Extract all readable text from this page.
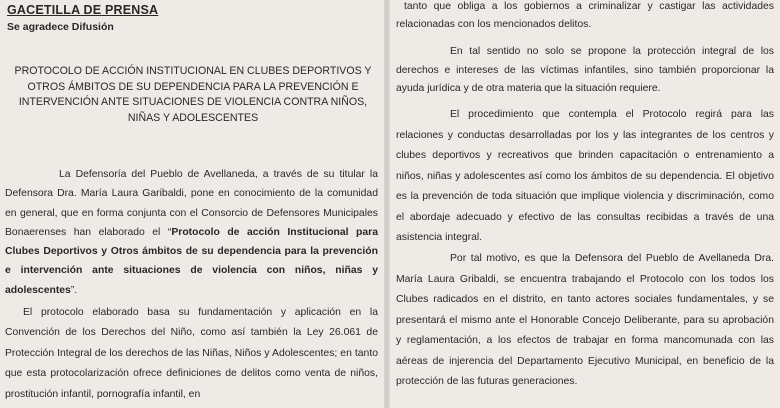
GACETILLA DE PRENSA
Se agradece Difusión
PROTOCOLO DE ACCIÓN INSTITUCIONAL EN CLUBES DEPORTIVOS Y OTROS ÁMBITOS DE SU DEPENDENCIA PARA LA PREVENCIÓN E INTERVENCIÓN ANTE SITUACIONES DE VIOLENCIA CONTRA NIÑOS, NIÑAS Y ADOLESCENTES

La Defensoría del Pueblo de Avellaneda, a través de su titular la Defensora Dra. María Laura Garibaldi, pone en conocimiento de la comunidad en general, que en forma conjunta con el Consorcio de Defensores Municipales Bonaerenses han elaborado el “Protocolo de acción Institucional para Clubes Deportivos y Otros ámbitos de su dependencia para la prevención e intervención ante situaciones de violencia con niños, niñas y adolescentes”.

El protocolo elaborado basa su fundamentación y aplicación en la Convención de los Derechos del Niño, como así también la Ley 26.061 de Protección Integral de los derechos de las Niñas, Niños y Adolescentes; en tanto que esta protocolarización ofrece definiciones de delitos como venta de niños, prostitución infantil, pornografía infantil, en

tanto que obliga a los gobiernos a criminalizar y castigar las actividades relacionadas con los mencionados delitos.

En tal sentido no solo se propone la protección integral de los derechos e intereses de las víctimas infantiles, sino también proporcionar la ayuda jurídica y de otra materia que la situación requiere.

El procedimiento que contempla el Protocolo regirá para las relaciones y conductas desarrolladas por los y las integrantes de los centros y clubes deportivos y recreativos que brinden capacitación o entrenamiento a niños, niñas y adolescentes así como los ámbitos de su dependencia. El objetivo es la prevención de toda situación que implique violencia y discriminación, como el abordaje adecuado y efectivo de las consultas recibidas a través de una asistencia integral.

Por tal motivo, es que la Defensora del Pueblo de Avellaneda Dra. María Laura Gribaldi, se encuentra trabajando el Protocolo con los todos los Clubes radicados en el distrito, en tanto actores sociales fundamentales, y se presentará el mismo ante el Honorable Concejo Deliberante, para su aprobación y reglamentación, a los efectos de trabajar en forma mancomunada con las aéreas de injerencia del Departamento Ejecutivo Municipal, en beneficio de la protección de las futuras generaciones.
